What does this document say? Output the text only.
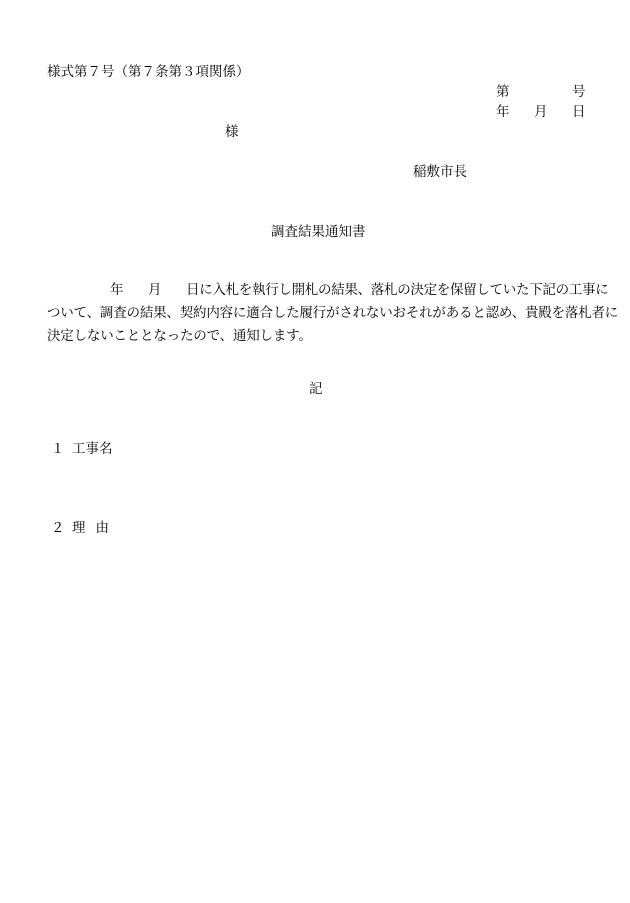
様式第７号（第７条第３項関係）
第	号
年 月 日
様
稲敷市長
調査結果通知書
年 月 日に入札を執行し開札の結果、落札の決定を保留していた下記の工事に
ついて、調査の結果、契約内容に適合した履行がされないおそれがあると認め、貴殿を落札者に
決定しないこととなったので、通知します。
記
１ 工事名
２ 理由
